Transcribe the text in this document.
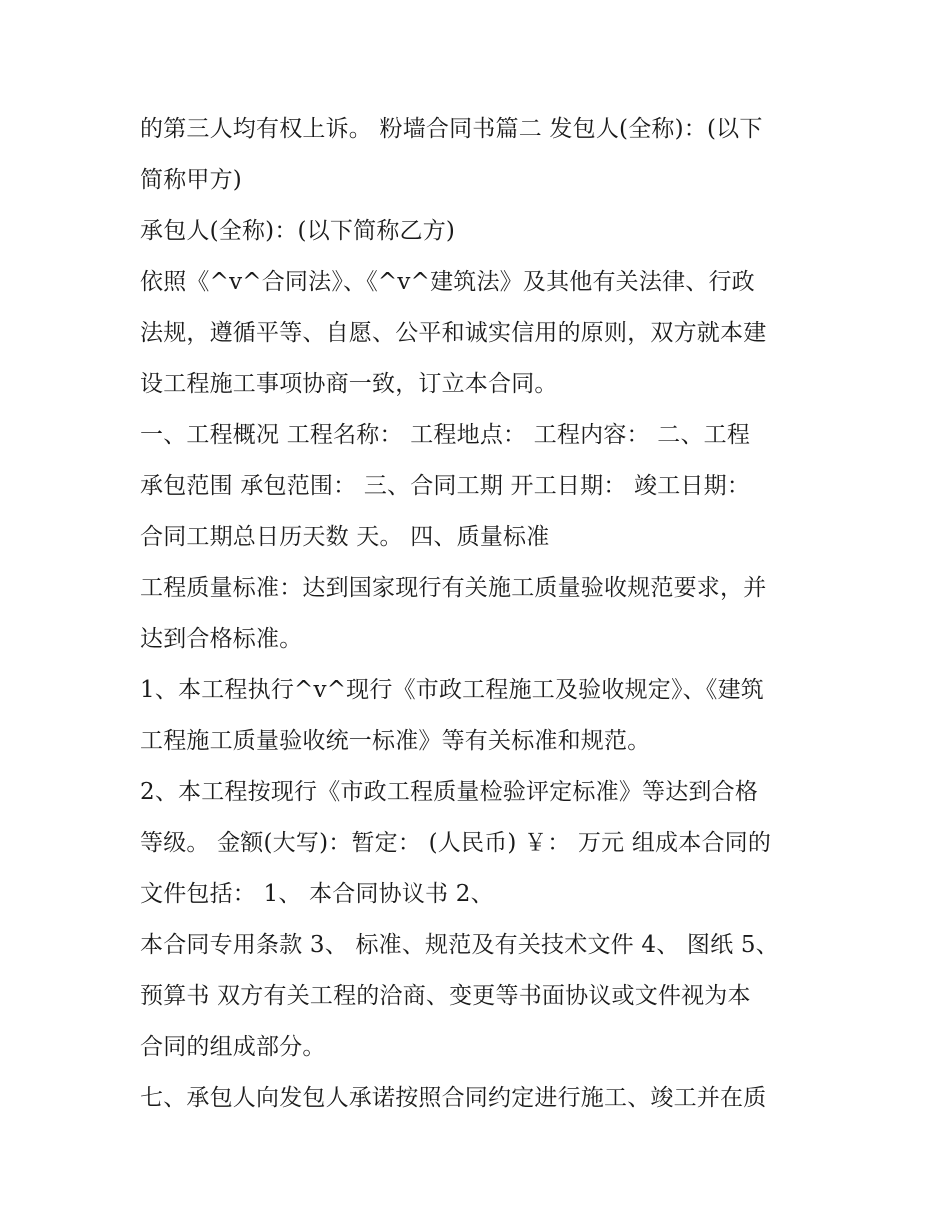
的第三人均有权上诉。 粉墙合同书篇二 发包人(全称)：(以下
简称甲方)
承包人(全称)：(以下简称乙方)
依照《^v^合同法》、《^v^建筑法》及其他有关法律、行政
法规，遵循平等、自愿、公平和诚实信用的原则，双方就本建
设工程施工事项协商一致，订立本合同。
一、工程概况 工程名称： 工程地点： 工程内容： 二、工程
承包范围 承包范围： 三、合同工期 开工日期： 竣工日期：
合同工期总日历天数 天。 四、质量标准
工程质量标准：达到国家现行有关施工质量验收规范要求，并
达到合格标准。
1、本工程执行^v^现行《市政工程施工及验收规定》、《建筑
工程施工质量验收统一标准》等有关标准和规范。
2、本工程按现行《市政工程质量检验评定标准》等达到合格
等级。 金额(大写)：暂定： (人民币) ￥： 万元 组成本合同的
文件包括： 1、 本合同协议书 2、
本合同专用条款 3、 标准、规范及有关技术文件 4、 图纸 5、
预算书 双方有关工程的洽商、变更等书面协议或文件视为本
合同的组成部分。
七、承包人向发包人承诺按照合同约定进行施工、竣工并在质
